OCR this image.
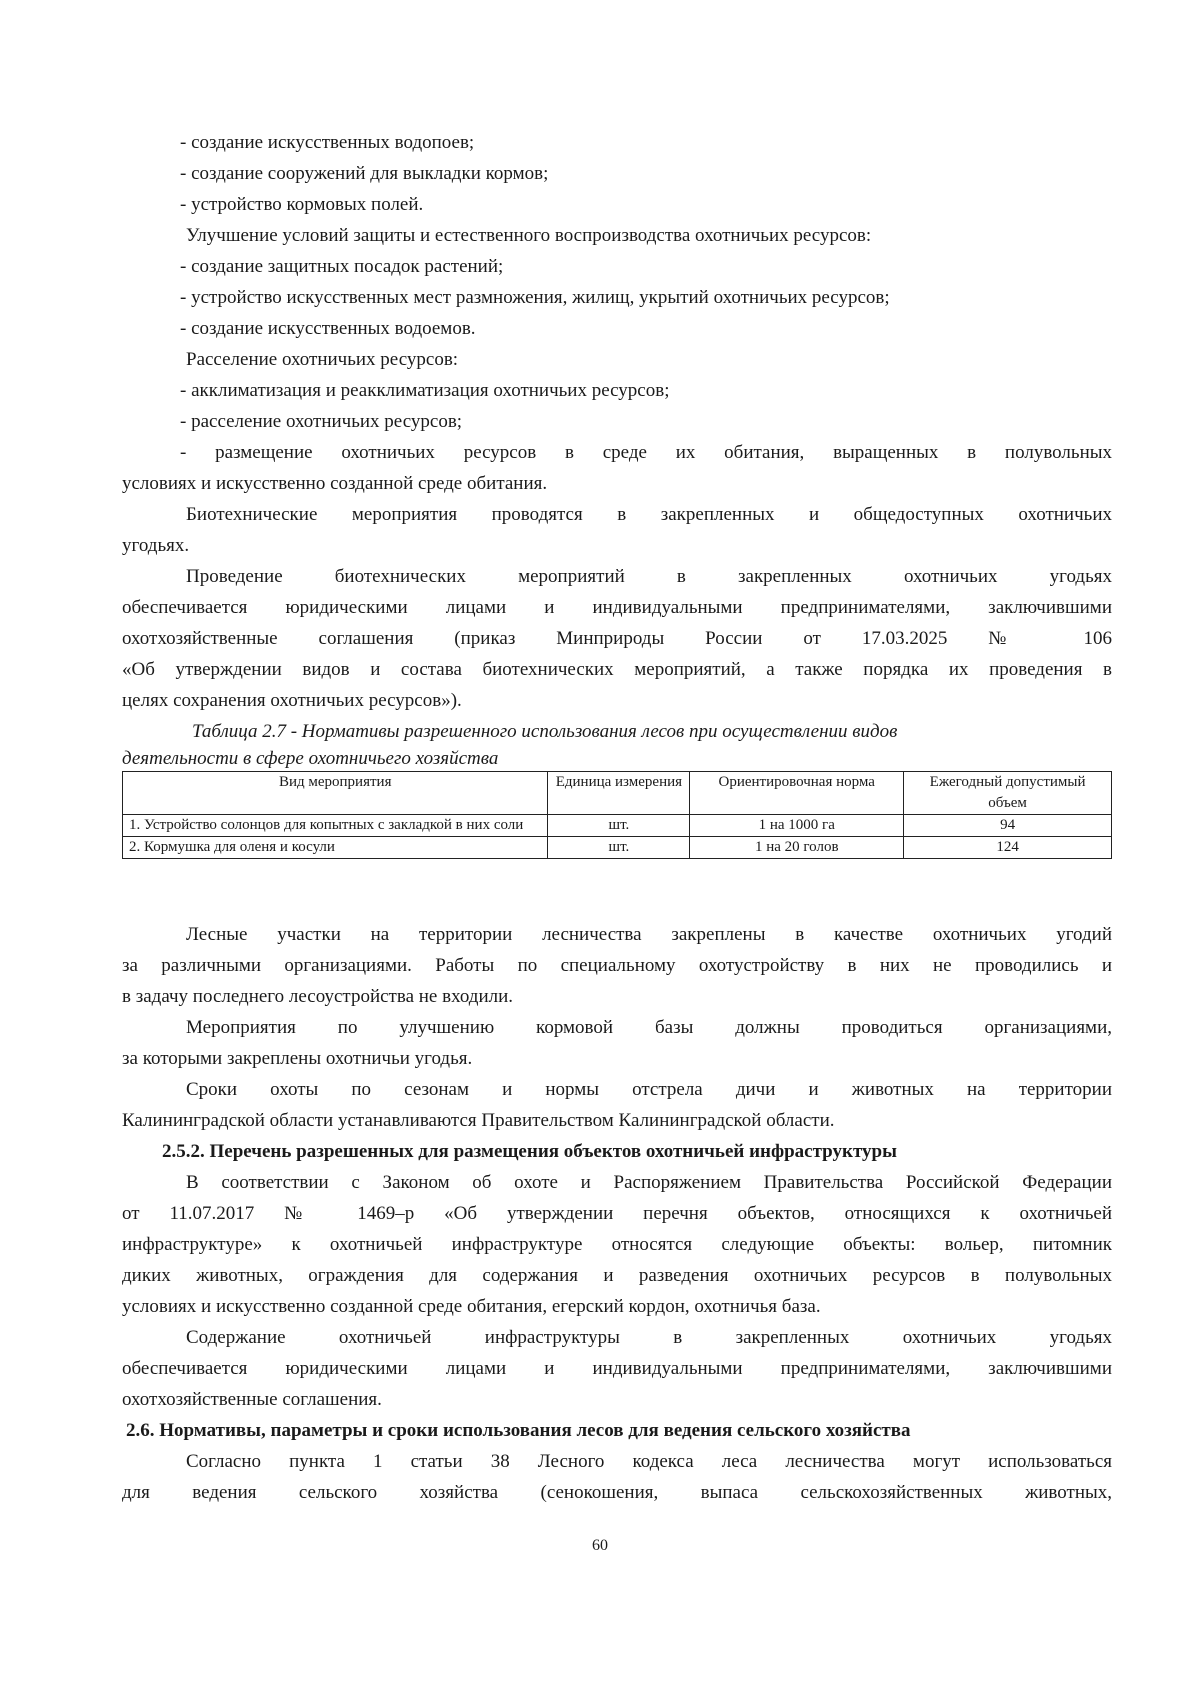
- создание искусственных водопоев;
- создание сооружений для выкладки кормов;
- устройство кормовых полей.
Улучшение условий защиты и естественного воспроизводства охотничьих ресурсов:
- создание защитных посадок растений;
- устройство искусственных мест размножения, жилищ, укрытий охотничьих ресурсов;
- создание искусственных водоемов.
Расселение охотничьих ресурсов:
- акклиматизация и реакклиматизация охотничьих ресурсов;
- расселение охотничьих ресурсов;
- размещение охотничьих ресурсов в среде их обитания, выращенных в полувольных
условиях и искусственно созданной среде обитания.
Биотехнические мероприятия проводятся в закрепленных и общедоступных охотничьих
угодьях.
Проведение биотехнических мероприятий в закрепленных охотничьих угодьях
обеспечивается юридическими лицами и индивидуальными предпринимателями, заключившими
охотхозяйственные соглашения (приказ Минприроды России от 17.03.2025 № 106
«Об утверждении видов и состава биотехнических мероприятий, а также порядка их проведения в
целях сохранения охотничьих ресурсов»).
Таблица 2.7 - Нормативы разрешенного использования лесов при осуществлении видов
деятельности в сфере охотничьего хозяйства
Вид мероприятия	Единица измерения	Ориентировочная норма	Ежегодный допустимый объем
1. Устройство солонцов для копытных с закладкой в них соли	шт.	1 на 1000 га	94
2. Кормушка для оленя и косули	шт.	1 на 20 голов	124
Лесные участки на территории лесничества закреплены в качестве охотничьих угодий
за различными организациями. Работы по специальному охотустройству в них не проводились и
в задачу последнего лесоустройства не входили.
Мероприятия по улучшению кормовой базы должны проводиться организациями,
за которыми закреплены охотничьи угодья.
Сроки охоты по сезонам и нормы отстрела дичи и животных на территории
Калининградской области устанавливаются Правительством Калининградской области.
2.5.2. Перечень разрешенных для размещения объектов охотничьей инфраструктуры
В соответствии с Законом об охоте и Распоряжением Правительства Российской Федерации
от 11.07.2017 № 1469–р «Об утверждении перечня объектов, относящихся к охотничьей
инфраструктуре» к охотничьей инфраструктуре относятся следующие объекты: вольер, питомник
диких животных, ограждения для содержания и разведения охотничьих ресурсов в полувольных
условиях и искусственно созданной среде обитания, егерский кордон, охотничья база.
Содержание охотничьей инфраструктуры в закрепленных охотничьих угодьях
обеспечивается юридическими лицами и индивидуальными предпринимателями, заключившими
охотхозяйственные соглашения.
2.6. Нормативы, параметры и сроки использования лесов для ведения сельского хозяйства
Согласно пункта 1 статьи 38 Лесного кодекса леса лесничества могут использоваться
для ведения сельского хозяйства (сенокошения, выпаса сельскохозяйственных животных,
60
